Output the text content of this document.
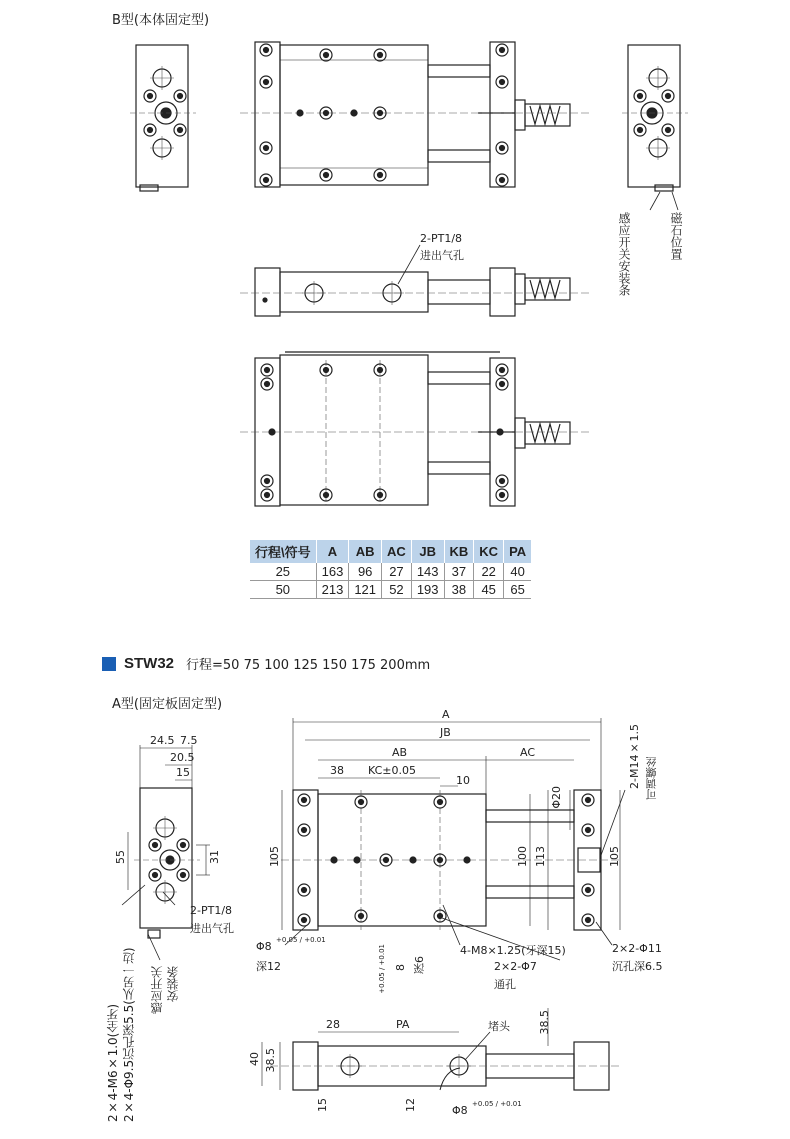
B型(本体固定型)
A型(固定板固定型)
2-PT1/8
进出气孔	感应开关安装条	磁石位置
行程\符号	A	AB	AC	JB	KB	KC	PA
25	163	96	27	143	37	22	40
50	213	121	52	193	38	45	65
STW32 行程=50 75 100 125 150 175 200mm
24.5 7.5
20.5
15
55	31
2-PT1/8
进出气孔
感应开关 安装条
2×4-M6×1.0(全牙) 2×4-Φ9.5沉孔深5.5(从另一边)
A
JB
AB	AC
38 KC±0.05
10
Φ20
105	100 113	105
2-M14×1.5 可调螺丝
4-M8×1.25(牙深15)
2×2-Φ7
通孔
2×2-Φ11
沉孔深6.5
Φ8 +0.05 / +0.01
深12	8
+0.05 / +0.01 深6
28	PA	堵头	38.5
40 38.5
15	12	Φ8 +0.05 / +0.01
